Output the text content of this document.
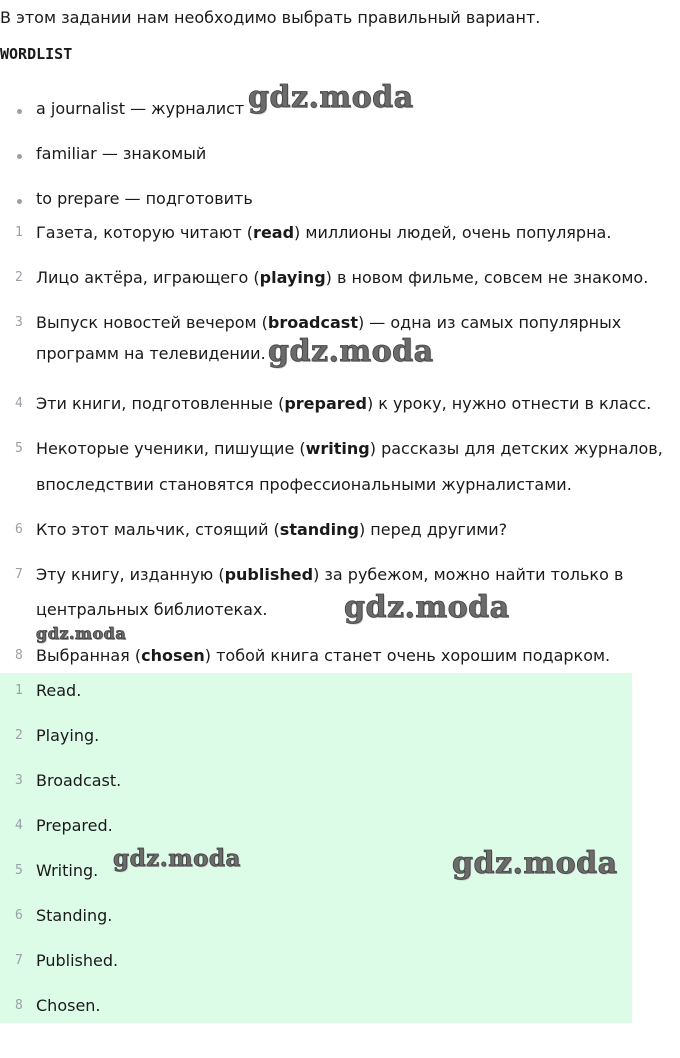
В этом задании нам необходимо выбрать правильный вариант.
WORDLIST
a journalist — журналист
familiar — знакомый
to prepare — подготовить
1 Газета, которую читают (read) миллионы людей, очень популярна.
2 Лицо актёра, играющего (playing) в новом фильме, совсем не знакомо.
3 Выпуск новостей вечером (broadcast) — одна из самых популярных
программ на телевидении.
4 Эти книги, подготовленные (prepared) к уроку, нужно отнести в класс.
5 Некоторые ученики, пишущие (writing) рассказы для детских журналов,
впоследствии становятся профессиональными журналистами.
6 Кто этот мальчик, стоящий (standing) перед другими?
7 Эту книгу, изданную (published) за рубежом, можно найти только в
центральных библиотеках.
8 Выбранная (chosen) тобой книга станет очень хорошим подарком.
1 Read.
2 Playing.
3 Broadcast.
4 Prepared.
5 Writing.
6 Standing.
7 Published.
8 Chosen.
gdz.moda
gdz.moda
gdz.moda
gdz.moda
gdz.moda	gdz.moda
